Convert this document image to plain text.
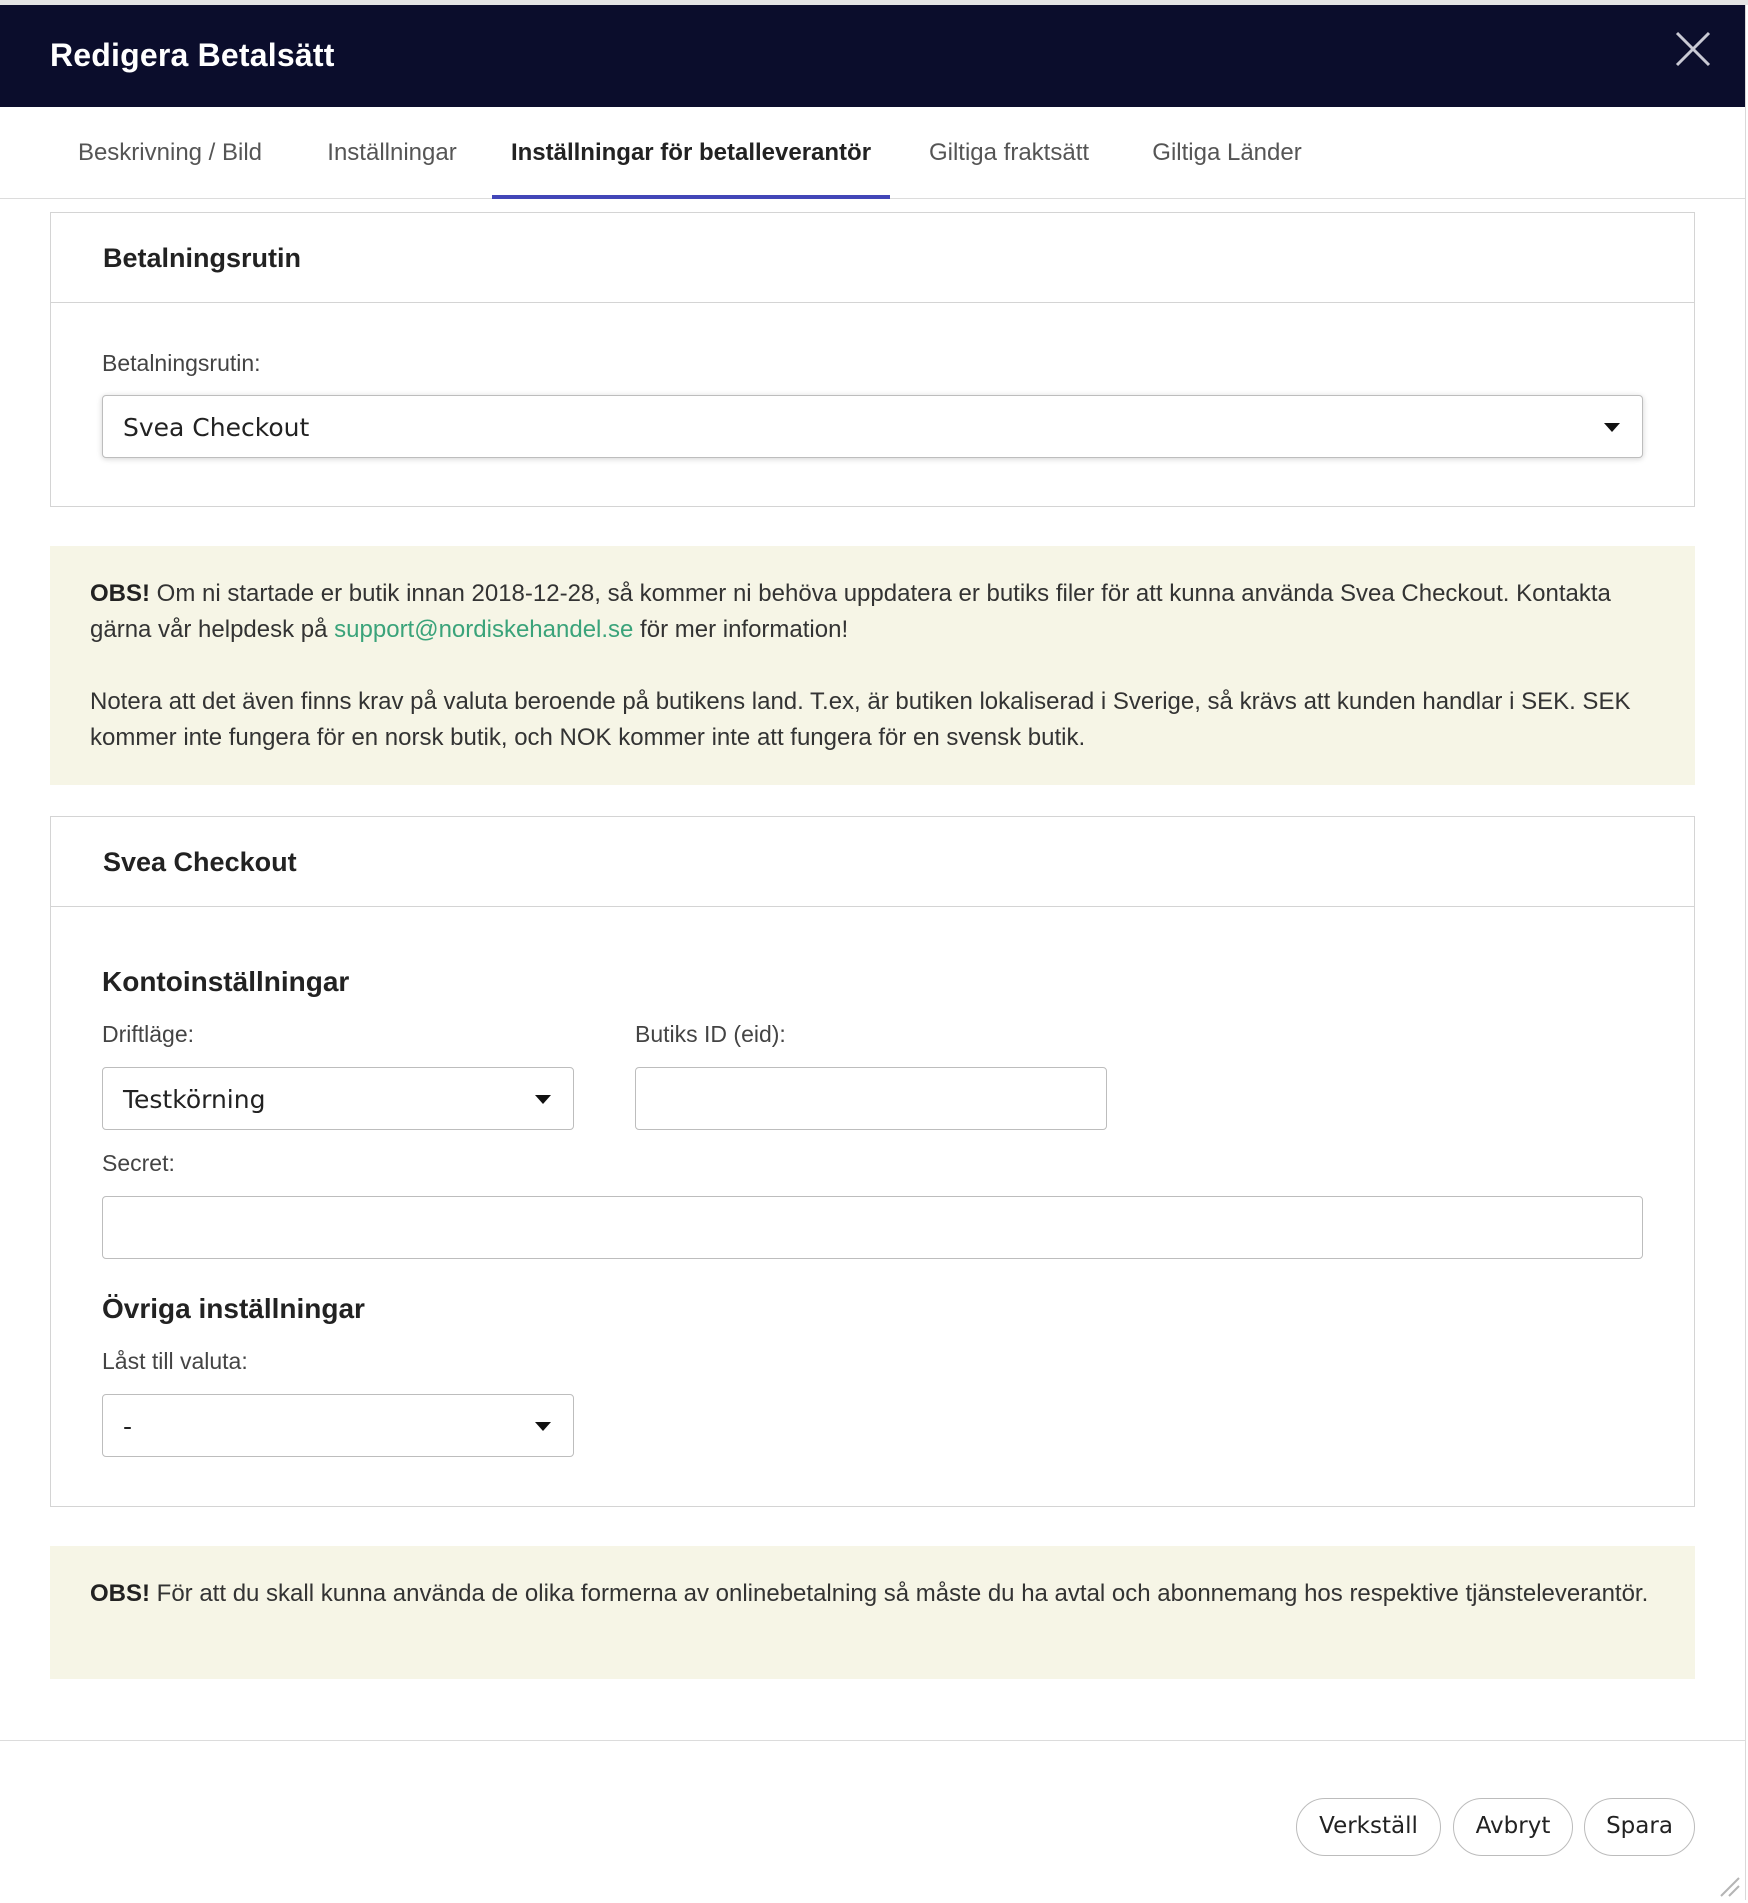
Redigera Betalsätt
Beskrivning / Bild	Inställningar	Inställningar för betalleverantör	Giltiga fraktsätt	Giltiga Länder
Betalningsrutin
Betalningsrutin:
Svea Checkout

OBS! Om ni startade er butik innan 2018-12-28, så kommer ni behöva uppdatera er butiks filer för att kunna använda Svea Checkout. Kontakta gärna vår helpdesk på support@nordiskehandel.se för mer information!

Notera att det även finns krav på valuta beroende på butikens land. T.ex, är butiken lokaliserad i Sverige, så krävs att kunden handlar i SEK. SEK kommer inte fungera för en norsk butik, och NOK kommer inte att fungera för en svensk butik.

Svea Checkout
Kontoinställningar
Driftläge:
Testkörning
Butiks ID (eid):
Secret:
Övriga inställningar
Låst till valuta:
-

OBS! För att du skall kunna använda de olika formerna av onlinebetalning så måste du ha avtal och abonnemang hos respektive tjänsteleverantör.

Verkställ	Avbryt	Spara
